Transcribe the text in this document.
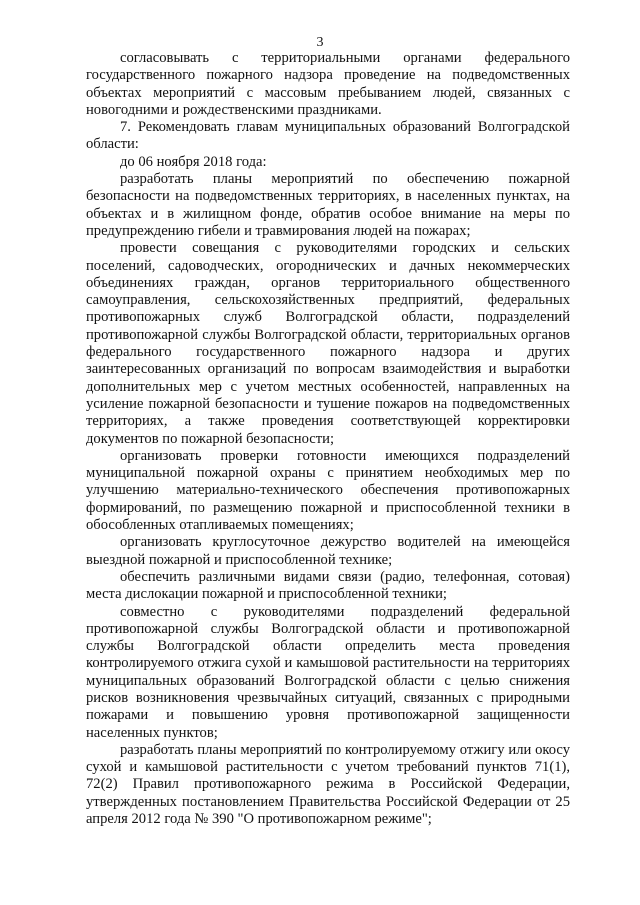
3

согласовывать с территориальными органами федерального государственного пожарного надзора проведение на подведомственных объектах мероприятий с массовым пребыванием людей, связанных с новогодними и рождественскими праздниками.

7. Рекомендовать главам муниципальных образований Волгоградской области:

до 06 ноября 2018 года:

разработать планы мероприятий по обеспечению пожарной безопасности на подведомственных территориях, в населенных пунктах, на объектах и в жилищном фонде, обратив особое внимание на меры по предупреждению гибели и травмирования людей на пожарах;

провести совещания с руководителями городских и сельских поселений, садоводческих, огороднических и дачных некоммерческих объединениях граждан, органов территориального общественного самоуправления, сельскохозяйственных предприятий, федеральных противопожарных служб Волгоградской области, подразделений противопожарной службы Волгоградской области, территориальных органов федерального государственного пожарного надзора и других заинтересованных организаций по вопросам взаимодействия и выработки дополнительных мер с учетом местных особенностей, направленных на усиление пожарной безопасности и тушение пожаров на подведомственных территориях, а также проведения соответствующей корректировки документов по пожарной безопасности;

организовать проверки готовности имеющихся подразделений муниципальной пожарной охраны с принятием необходимых мер по улучшению материально-технического обеспечения противопожарных формирований, по размещению пожарной и приспособленной техники в обособленных отапливаемых помещениях;

организовать круглосуточное дежурство водителей на имеющейся выездной пожарной и приспособленной технике;

обеспечить различными видами связи (радио, телефонная, сотовая) места дислокации пожарной и приспособленной техники;

совместно с руководителями подразделений федеральной противопожарной службы Волгоградской области и противопожарной службы Волгоградской области определить места проведения контролируемого отжига сухой и камышовой растительности на территориях муниципальных образований Волгоградской области с целью снижения рисков возникновения чрезвычайных ситуаций, связанных с природными пожарами и повышению уровня противопожарной защищенности населенных пунктов;

разработать планы мероприятий по контролируемому отжигу или окосу сухой и камышовой растительности с учетом требований пунктов 71(1), 72(2) Правил противопожарного режима в Российской Федерации, утвержденных постановлением Правительства Российской Федерации от 25 апреля 2012 года № 390 "О противопожарном режиме";
